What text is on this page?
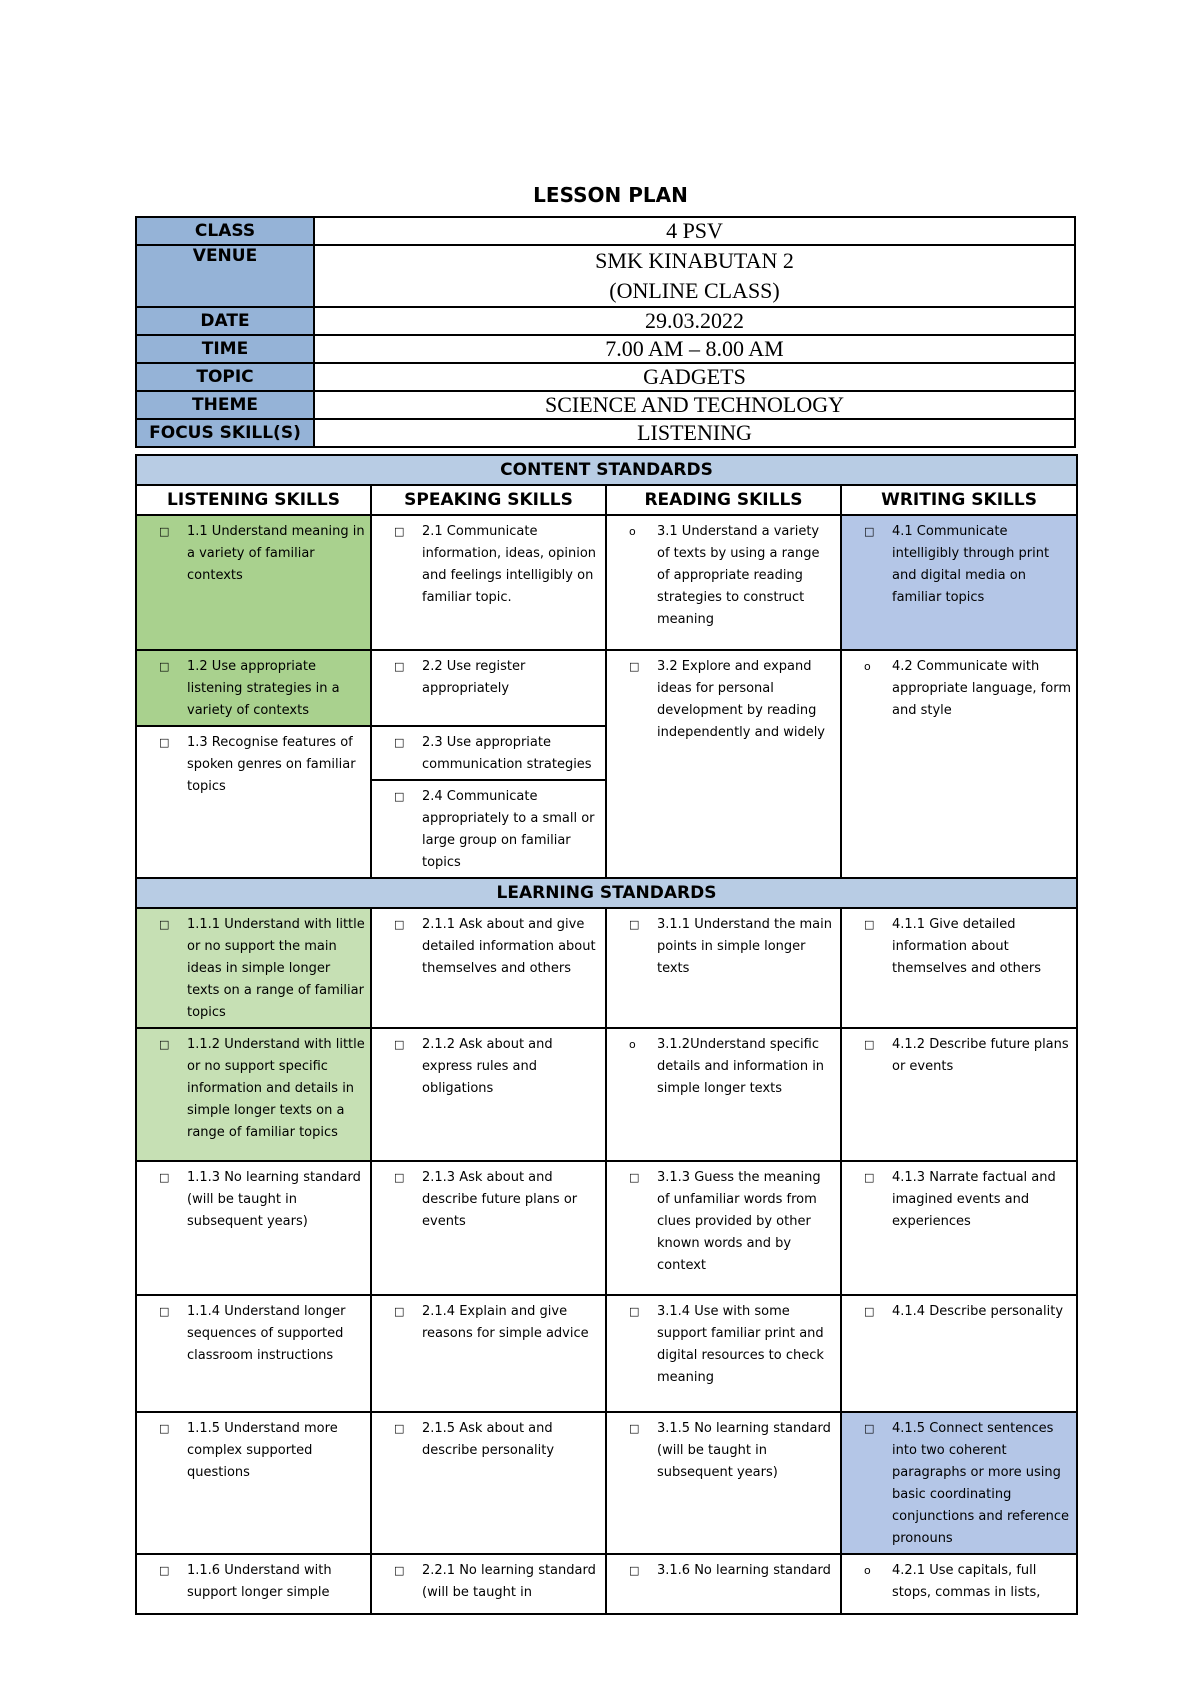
LESSON PLAN
CLASS	4 PSV
VENUE	SMK KINABUTAN 2 (ONLINE CLASS)
DATE	29.03.2022
TIME	7.00 AM – 8.00 AM
TOPIC	GADGETS
THEME	SCIENCE AND TECHNOLOGY
FOCUS SKILL(S)	LISTENING
CONTENT STANDARDS			
LISTENING SKILLS	SPEAKING SKILLS	READING SKILLS	WRITING SKILLS

□ 1.1 Understand meaning in a variety of familiar contexts	□ 2.1 Communicate information, ideas, opinion and feelings intelligibly on familiar topic.	o 3.1 Understand a variety of texts by using a range of appropriate reading strategies to construct meaning	□ 4.1 Communicate intelligibly through print and digital media on familiar topics

□ 1.2 Use appropriate listening strategies in a variety of contexts	□ 2.2 Use register appropriately	□ 3.2 Explore and expand ideas for personal development by reading independently and widely	o 4.2 Communicate with appropriate language, form and style

□ 1.3 Recognise features of spoken genres on familiar topics	□ 2.3 Use appropriate communication strategies		

	□ 2.4 Communicate appropriately to a small or large group on familiar topics		

LEARNING STANDARDS			

□ 1.1.1 Understand with little or no support the main ideas in simple longer texts on a range of familiar topics	□ 2.1.1 Ask about and give detailed information about themselves and others	□ 3.1.1 Understand the main points in simple longer texts	□ 4.1.1 Give detailed information about themselves and others

□ 1.1.2 Understand with little or no support specific information and details in simple longer texts on a range of familiar topics	□ 2.1.2 Ask about and express rules and obligations	o 3.1.2Understand specific details and information in simple longer texts	□ 4.1.2 Describe future plans or events

□ 1.1.3 No learning standard (will be taught in subsequent years)	□ 2.1.3 Ask about and describe future plans or events	□ 3.1.3 Guess the meaning of unfamiliar words from clues provided by other known words and by context	□ 4.1.3 Narrate factual and imagined events and experiences

□ 1.1.4 Understand longer sequences of supported classroom instructions	□ 2.1.4 Explain and give reasons for simple advice	□ 3.1.4 Use with some support familiar print and digital resources to check meaning	□ 4.1.4 Describe personality

□ 1.1.5 Understand more complex supported questions	□ 2.1.5 Ask about and describe personality	□ 3.1.5 No learning standard (will be taught in subsequent years)	□ 4.1.5 Connect sentences into two coherent paragraphs or more using basic coordinating conjunctions and reference pronouns

□ 1.1.6 Understand with support longer simple	□ 2.2.1 No learning standard (will be taught in	□ 3.1.6 No learning standard	o 4.2.1 Use capitals, full stops, commas in lists,
